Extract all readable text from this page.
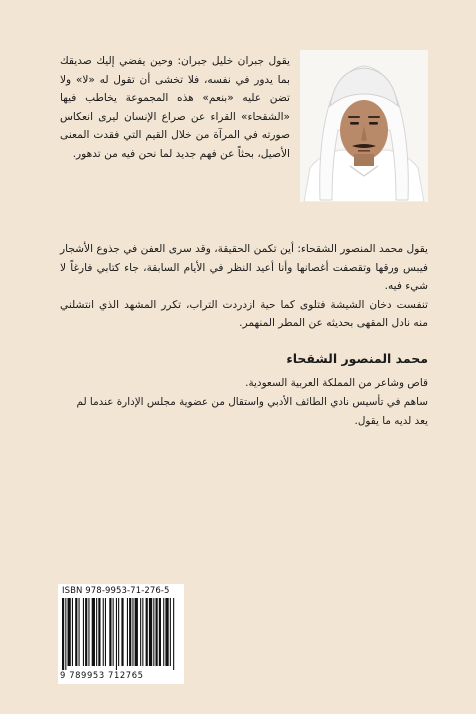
يقول جبران خليل جبران: وحين يفضي إليك صديقك بما يدور في نفسه، فلا تخشى أن تقول له «لا» ولا تضن عليه «بنعم» هذه المجموعة يخاطب فيها «الشقحاء» القراء عن صراع الإنسان ليرى انعكاس صورته في المرآة من خلال القيم التي فقدت المعنى الأصيل، بحثاً عن فهم جديد لما نحن فيه من تدهور.
يقول محمد المنصور الشقحاء: أين تكمن الحقيقة، وقد سرى العفن في جذوع الأشجار فيبس ورقها وتقصفت أغصانها وأنا أعيد النظر في الأيام السابقة، جاء كتابي فارغاً لا شيء فيه.
تنفست دخان الشيشة فتلوى كما حية ازدردت التراب، تكرر المشهد الذي انتشلني منه نادل المقهى بحديثه عن المطر المنهمر.
محمد المنصور الشقحاء
قاص وشاعر من المملكة العربية السعودية.
ساهم في تأسيس نادي الطائف الأدبي واستقال من عضوية مجلس الإدارة عندما لم يعد لديه ما يقول.
ISBN 978-9953-71-276-5
9 789953 712765
